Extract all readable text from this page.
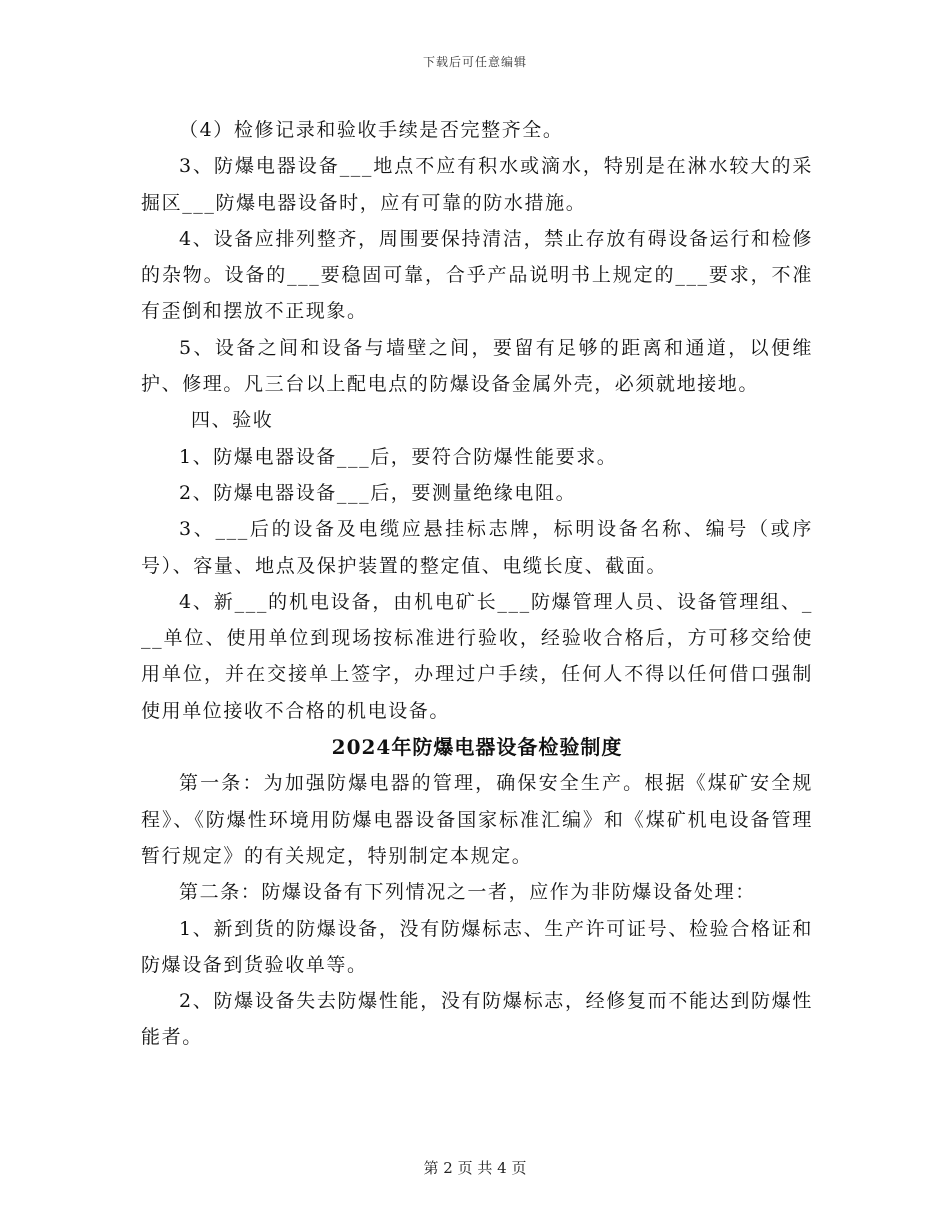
下载后可任意编辑

（4）检修记录和验收手续是否完整齐全。

3、防爆电器设备___地点不应有积水或滴水，特别是在淋水较大的采掘区___防爆电器设备时，应有可靠的防水措施。

4、设备应排列整齐，周围要保持清洁，禁止存放有碍设备运行和检修的杂物。设备的___要稳固可靠，合乎产品说明书上规定的___要求，不准有歪倒和摆放不正现象。

5、设备之间和设备与墙壁之间，要留有足够的距离和通道，以便维护、修理。凡三台以上配电点的防爆设备金属外壳，必须就地接地。

四、验收

1、防爆电器设备___后，要符合防爆性能要求。

2、防爆电器设备___后，要测量绝缘电阻。

3、___后的设备及电缆应悬挂标志牌，标明设备名称、编号（或序号）、容量、地点及保护装置的整定值、电缆长度、截面。

4、新___的机电设备，由机电矿长___防爆管理人员、设备管理组、___单位、使用单位到现场按标准进行验收，经验收合格后，方可移交给使用单位，并在交接单上签字，办理过户手续，任何人不得以任何借口强制使用单位接收不合格的机电设备。

2024年防爆电器设备检验制度

第一条：为加强防爆电器的管理，确保安全生产。根据《煤矿安全规程》、《防爆性环境用防爆电器设备国家标准汇编》和《煤矿机电设备管理暂行规定》的有关规定，特别制定本规定。

第二条：防爆设备有下列情况之一者，应作为非防爆设备处理：

1、新到货的防爆设备，没有防爆标志、生产许可证号、检验合格证和防爆设备到货验收单等。

2、防爆设备失去防爆性能，没有防爆标志，经修复而不能达到防爆性能者。

第 2 页 共 4 页
